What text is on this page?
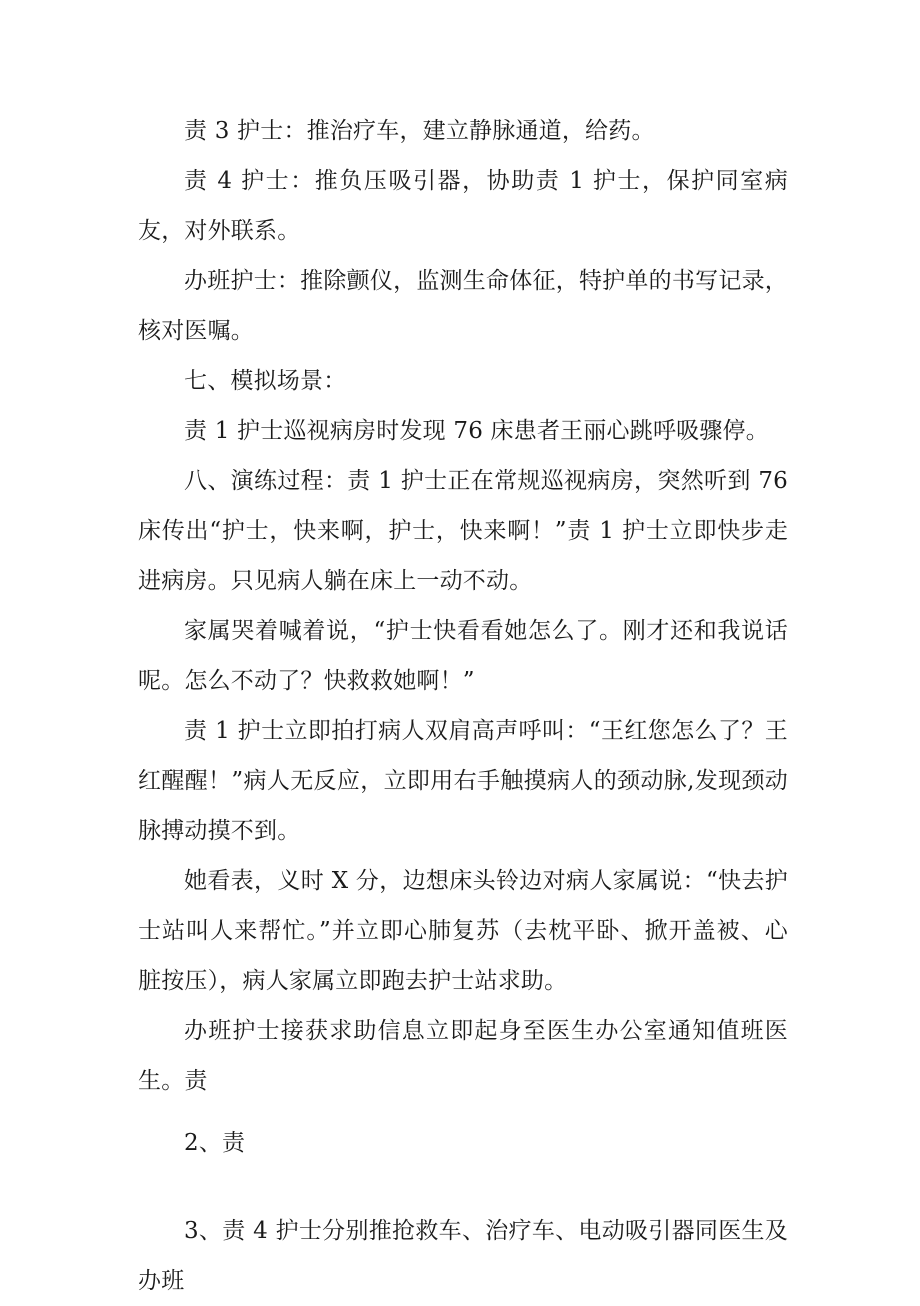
责 3 护士：推治疗车，建立静脉通道，给药。

责 4 护士：推负压吸引器，协助责 1 护士，保护同室病友，对外联系。

办班护士：推除颤仪，监测生命体征，特护单的书写记录，核对医嘱。

七、模拟场景：

责 1 护士巡视病房时发现 76 床患者王丽心跳呼吸骤停。

八、演练过程：责 1 护士正在常规巡视病房，突然听到 76 床传出“护士，快来啊，护士，快来啊！”责 1 护士立即快步走进病房。只见病人躺在床上一动不动。

家属哭着喊着说，“护士快看看她怎么了。刚才还和我说话呢。怎么不动了？快救救她啊！”

责 1 护士立即拍打病人双肩高声呼叫：“王红您怎么了？王红醒醒！”病人无反应，立即用右手触摸病人的颈动脉,发现颈动脉搏动摸不到。

她看表，义时 X 分，边想床头铃边对病人家属说：“快去护士站叫人来帮忙。”并立即心肺复苏（去枕平卧、掀开盖被、心脏按压），病人家属立即跑去护士站求助。

办班护士接获求助信息立即起身至医生办公室通知值班医生。责

2、责

3、责 4 护士分别推抢救车、治疗车、电动吸引器同医生及办班
